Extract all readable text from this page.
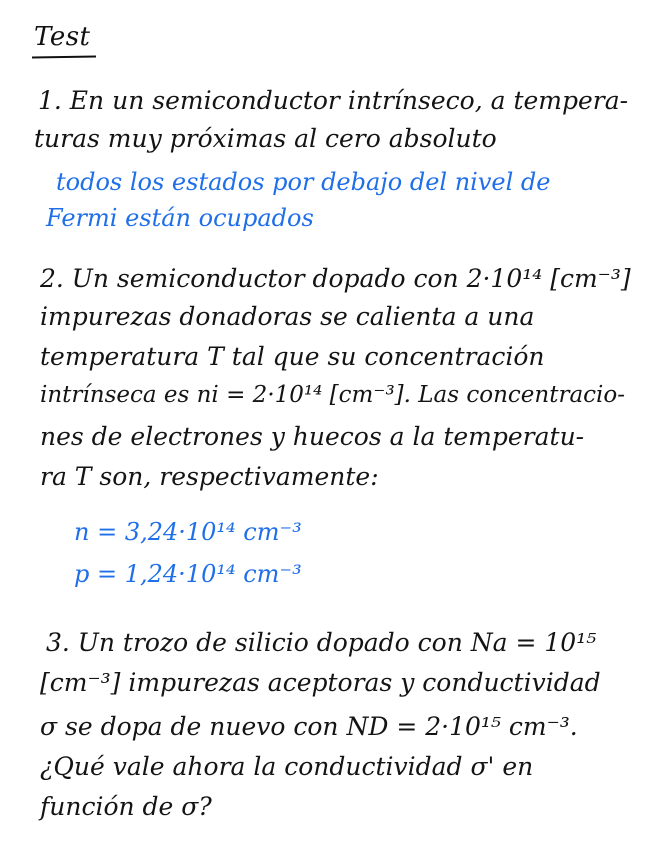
Test
1. En un semiconductor intrínseco, a tempera-
turas muy próximas al cero absoluto
todos los estados por debajo del nivel de
Fermi están ocupados
2. Un semiconductor dopado con 2·10¹⁴ [cm⁻³]
impurezas donadoras se calienta a una
temperatura T tal que su concentración
intrínseca es ni = 2·10¹⁴ [cm⁻³]. Las concentracio-
nes de electrones y huecos a la temperatu-
ra T son, respectivamente:
n = 3,24·10¹⁴ cm⁻³
p = 1,24·10¹⁴ cm⁻³
3. Un trozo de silicio dopado con Na = 10¹⁵
[cm⁻³] impurezas aceptoras y conductividad
σ se dopa de nuevo con ND = 2·10¹⁵ cm⁻³.
¿Qué vale ahora la conductividad σ' en
función de σ?
